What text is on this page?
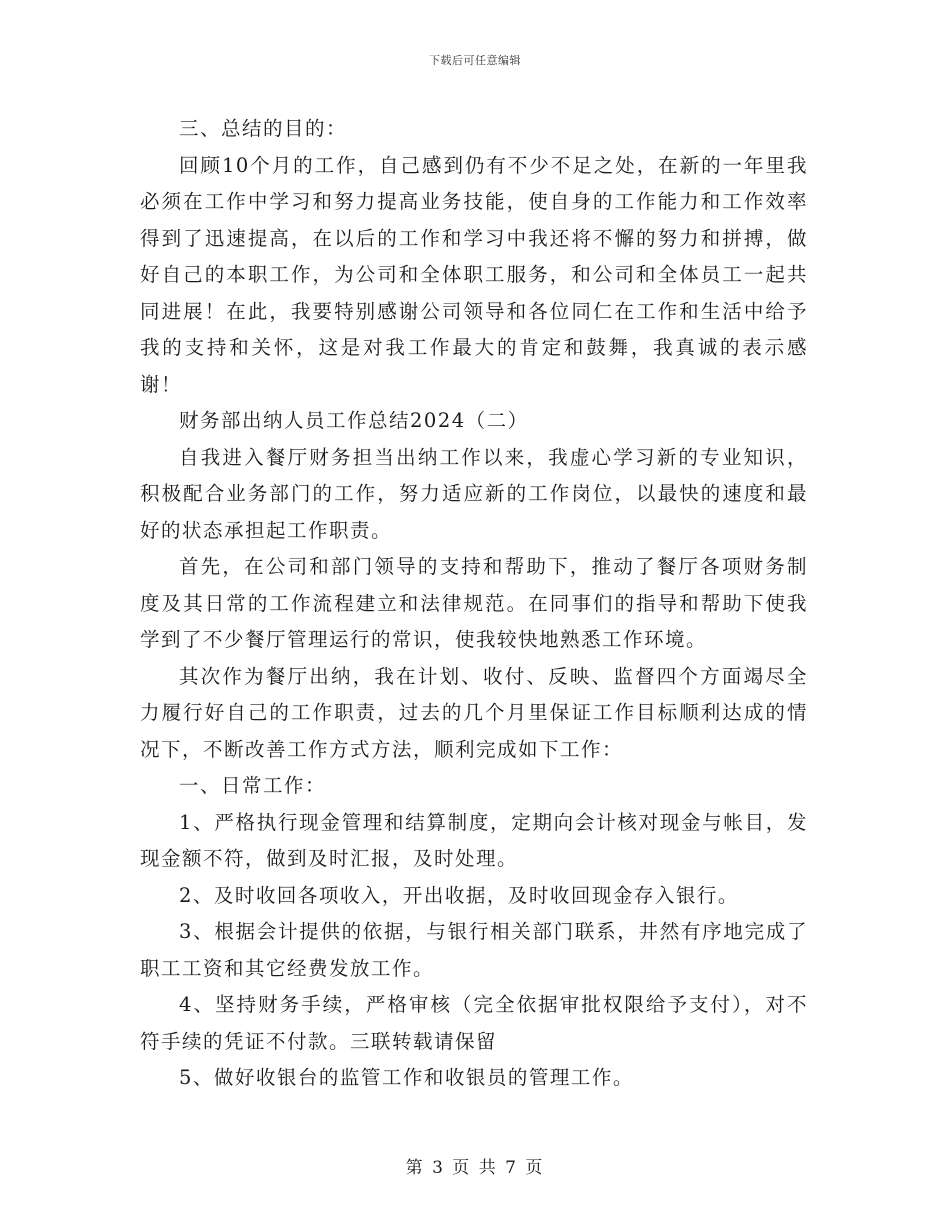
下载后可任意编辑

三、总结的目的：

回顾10个月的工作，自己感到仍有不少不足之处，在新的一年里我必须在工作中学习和努力提高业务技能，使自身的工作能力和工作效率得到了迅速提高，在以后的工作和学习中我还将不懈的努力和拼搏，做好自己的本职工作，为公司和全体职工服务，和公司和全体员工一起共同进展！在此，我要特别感谢公司领导和各位同仁在工作和生活中给予我的支持和关怀，这是对我工作最大的肯定和鼓舞，我真诚的表示感谢！

财务部出纳人员工作总结2024（二）

自我进入餐厅财务担当出纳工作以来，我虚心学习新的专业知识，积极配合业务部门的工作，努力适应新的工作岗位，以最快的速度和最好的状态承担起工作职责。

首先，在公司和部门领导的支持和帮助下，推动了餐厅各项财务制度及其日常的工作流程建立和法律规范。在同事们的指导和帮助下使我学到了不少餐厅管理运行的常识，使我较快地熟悉工作环境。

其次作为餐厅出纳，我在计划、收付、反映、监督四个方面竭尽全力履行好自己的工作职责，过去的几个月里保证工作目标顺利达成的情况下，不断改善工作方式方法，顺利完成如下工作：

一、日常工作：

1、严格执行现金管理和结算制度，定期向会计核对现金与帐目，发现金额不符，做到及时汇报，及时处理。

2、及时收回各项收入，开出收据，及时收回现金存入银行。

3、根据会计提供的依据，与银行相关部门联系，井然有序地完成了职工工资和其它经费发放工作。

4、坚持财务手续，严格审核（完全依据审批权限给予支付），对不符手续的凭证不付款。三联转载请保留

5、做好收银台的监管工作和收银员的管理工作。

第 3 页 共 7 页
